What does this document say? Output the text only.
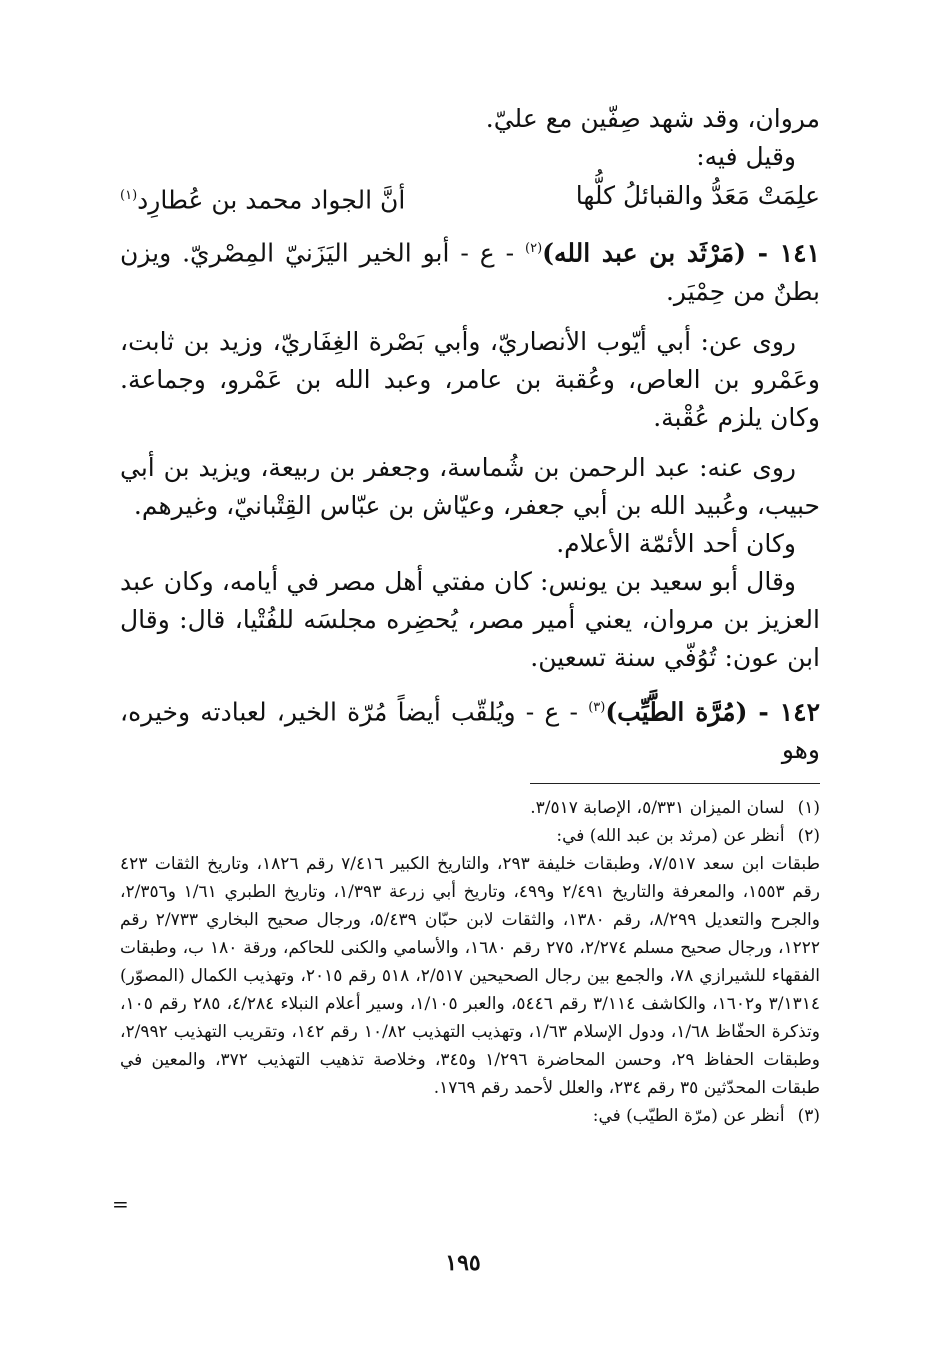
مروان، وقد شهد صِفّين مع عليّ.

وقيل فيه:

علِمَتْ مَعَدُّ والقبائلُ كلُّها
أنَّ الجواد محمد بن عُطارِد$^{(١)}$

١٤١ - (مَرْثَد بن عبد الله)$^{(٢)}$ - ع - أبو الخير اليَزَنيّ المِصْريّ. ويزن بطنٌ من حِمْيَر.

روى عن: أبي أيّوب الأنصاريّ، وأبي بَصْرة الغِفَاريّ، وزيد بن ثابت، وعَمْرو بن العاص، وعُقبة بن عامر، وعبد الله بن عَمْرو، وجماعة. وكان يلزم عُقْبة.

روى عنه: عبد الرحمن بن شُماسة، وجعفر بن ربيعة، ويزيد بن أبي حبيب، وعُبيد الله بن أبي جعفر، وعيّاش بن عبّاس القِتْبانيّ، وغيرهم.

وكان أحد الأئمّة الأعلام.

وقال أبو سعيد بن يونس: كان مفتي أهل مصر في أيامه، وكان عبد العزيز بن مروان، يعني أمير مصر، يُحضِره مجلسَه للفُتْيا، قال: وقال ابن عون: تُوُفّي سنة تسعين.

١٤٢ - (مُرَّة الطَّيِّب)$^{(٣)}$ - ع - ويُلقّب أيضاً مُرّة الخير، لعبادته وخيره، وهو

(١) لسان الميزان ٥/٣٣١، الإصابة ٣/٥١٧.

(٢) أنظر عن (مرثد بن عبد الله) في:

طبقات ابن سعد ٧/٥١٧، وطبقات خليفة ٢٩٣، والتاريخ الكبير ٧/٤١٦ رقم ١٨٢٦، وتاريخ الثقات ٤٢٣ رقم ١٥٥٣، والمعرفة والتاريخ ٢/٤٩١ و٤٩٩، وتاريخ أبي زرعة ١/٣٩٣، وتاريخ الطبري ١/٦١ و٢/٣٥٦، والجرح والتعديل ٨/٢٩٩، رقم ١٣٨٠، والثقات لابن حبّان ٥/٤٣٩، ورجال صحيح البخاري ٢/٧٣٣ رقم ١٢٢٢، ورجال صحيح مسلم ٢/٢٧٤، ٢٧٥ رقم ١٦٨٠، والأسامي والكنى للحاكم، ورقة ١٨٠ ب، وطبقات الفقهاء للشيرازي ٧٨، والجمع بين رجال الصحيحين ٢/٥١٧، ٥١٨ رقم ٢٠١٥، وتهذيب الكمال (المصوّر) ٣/١٣١٤ و١٦٠٢، والكاشف ٣/١١٤ رقم ٥٤٤٦، والعبر ١/١٠٥، وسير أعلام النبلاء ٤/٢٨٤، ٢٨٥ رقم ١٠٥، وتذكرة الحفّاظ ١/٦٨، ودول الإسلام ١/٦٣، وتهذيب التهذيب ١٠/٨٢ رقم ١٤٢، وتقريب التهذيب ٢/٩٩٢، وطبقات الحفاظ ٢٩، وحسن المحاضرة ١/٢٩٦ و٣٤٥، وخلاصة تذهيب التهذيب ٣٧٢، والمعين في طبقات المحدّثين ٣٥ رقم ٢٣٤، والعلل لأحمد رقم ١٧٦٩.

(٣) أنظر عن (مرّة الطيّب) في:

=
١٩٥
